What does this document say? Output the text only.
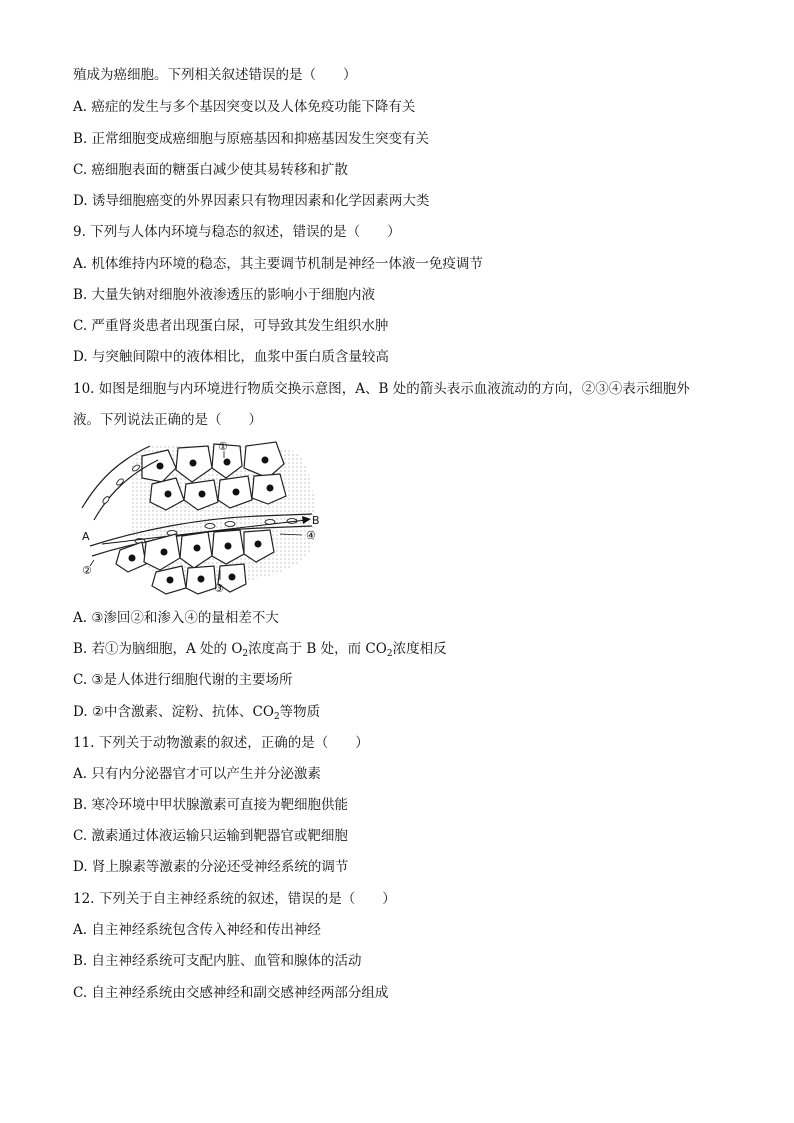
殖成为癌细胞。下列相关叙述错误的是（　　）
A. 癌症的发生与多个基因突变以及人体免疫功能下降有关
B. 正常细胞变成癌细胞与原癌基因和抑癌基因发生突变有关
C. 癌细胞表面的糖蛋白减少使其易转移和扩散
D. 诱导细胞癌变的外界因素只有物理因素和化学因素两大类
9. 下列与人体内环境与稳态的叙述，错误的是（　　）
A. 机体维持内环境的稳态，其主要调节机制是神经一体液一免疫调节
B. 大量失钠对细胞外液渗透压的影响小于细胞内液
C. 严重肾炎患者出现蛋白尿，可导致其发生组织水肿
D. 与突触间隙中的液体相比，血浆中蛋白质含量较高
10. 如图是细胞与内环境进行物质交换示意图，A、B 处的箭头表示血液流动的方向，②③④表示细胞外
液。下列说法正确的是（　　）
①
②
③
④
A
B
A. ③渗回②和渗入④的量相差不大
B. 若①为脑细胞，A 处的 $O_2$浓度高于 B 处，而 $CO_2$浓度相反
C. ③是人体进行细胞代谢的主要场所
D. ②中含激素、淀粉、抗体、$CO_2$等物质
11. 下列关于动物激素的叙述，正确的是（　　）
A. 只有内分泌器官才可以产生并分泌激素
B. 寒冷环境中甲状腺激素可直接为靶细胞供能
C. 激素通过体液运输只运输到靶器官或靶细胞
D. 肾上腺素等激素的分泌还受神经系统的调节
12. 下列关于自主神经系统的叙述，错误的是（　　）
A. 自主神经系统包含传入神经和传出神经
B. 自主神经系统可支配内脏、血管和腺体的活动
C. 自主神经系统由交感神经和副交感神经两部分组成
